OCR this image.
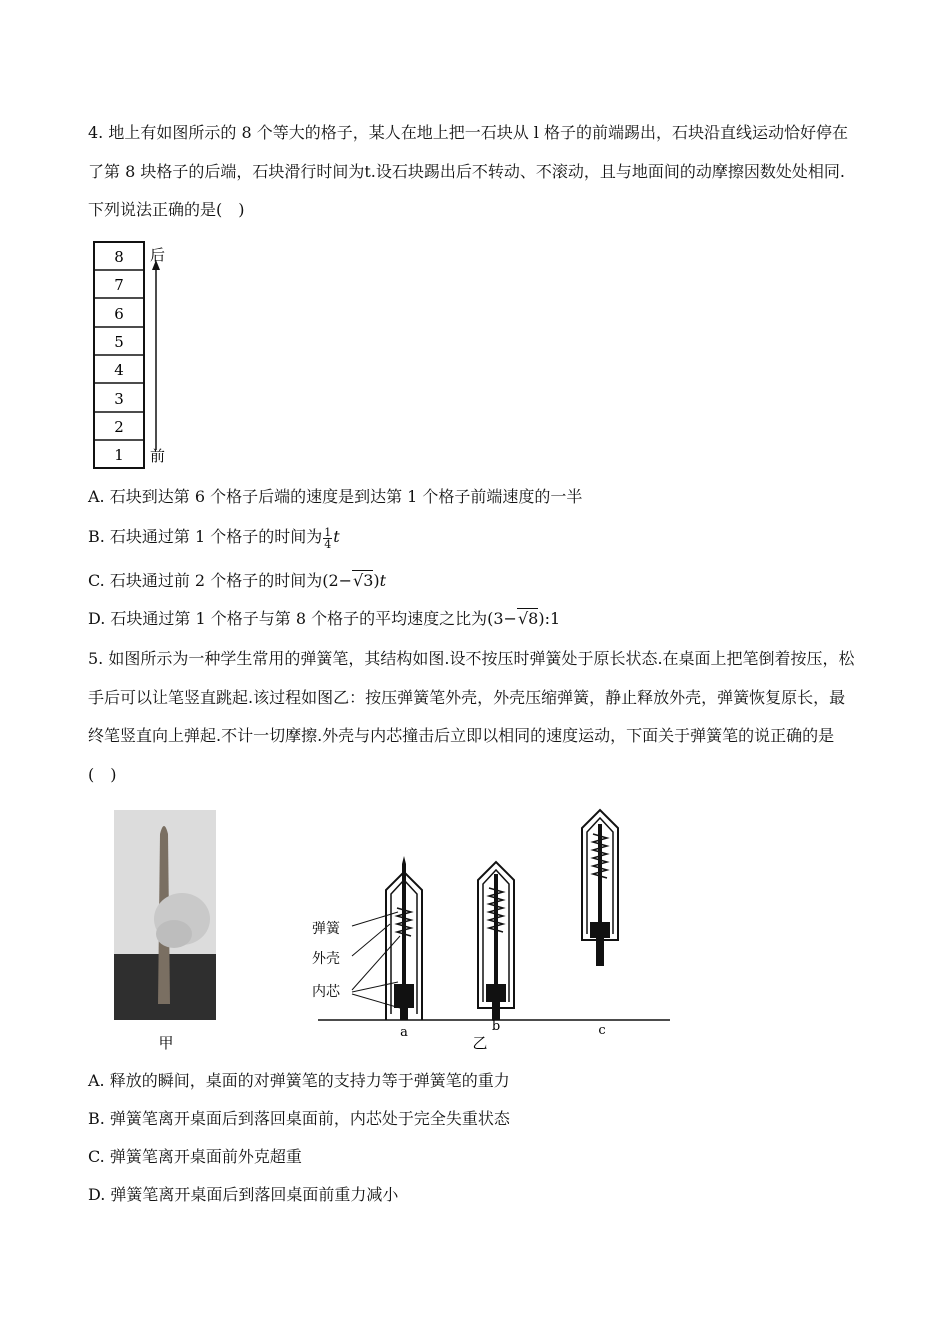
4. 地上有如图所示的 8 个等大的格子，某人在地上把一石块从 l 格子的前端踢出，石块沿直线运动恰好停在了第 8 块格子的后端，石块滑行时间为t.设石块踢出后不转动、不滚动，且与地面间的动摩擦因数处处相同.下列说法正确的是(　)

8
7
6
5
4
3
2
1
后
前
A. 石块到达第 6 个格子后端的速度是到达第 1 个格子前端速度的一半
B. 石块通过第 1 个格子的时间为 $\frac{1}{4}$ t
C. 石块通过前 2 个格子的时间为(2−√3)t
D. 石块通过第 1 个格子与第 8 个格子的平均速度之比为(3−√8):1

5. 如图所示为一种学生常用的弹簧笔，其结构如图.设不按压时弹簧处于原长状态.在桌面上把笔倒着按压，松手后可以让笔竖直跳起.该过程如图乙：按压弹簧笔外壳，外壳压缩弹簧，静止释放外壳，弹簧恢复原长，最终笔竖直向上弹起.不计一切摩擦.外壳与内芯撞击后立即以相同的速度运动，下面关于弹簧笔的说正确的是(　)

甲
弹簧
外壳
内芯
a	b
乙
c
A. 释放的瞬间，桌面的对弹簧笔的支持力等于弹簧笔的重力
B. 弹簧笔离开桌面后到落回桌面前，内芯处于完全失重状态
C. 弹簧笔离开桌面前外克超重
D. 弹簧笔离开桌面后到落回桌面前重力减小
